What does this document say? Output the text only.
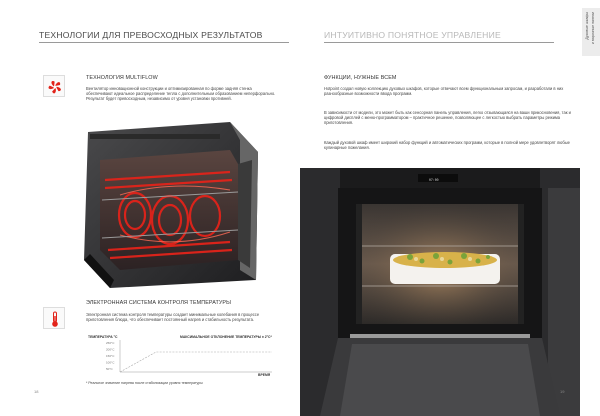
ТЕХНОЛОГИИ ДЛЯ ПРЕВОСХОДНЫХ РЕЗУЛЬТАТОВ
ТЕХНОЛОГИЯ MULTIFLOW
Вентилятор инновационной конструкции и оптимизированная по форме задняя стенка обеспечивают идеальное распределение тепла с дополнительным образованием неперфорально. Результат будет превосходным, независимо от уровня установки противней.
ЭЛЕКТРОННАЯ СИСТЕМА КОНТРОЛЯ ТЕМПЕРАТУРЫ
Электронная система контроля температуры создает минимальные колебания в процессе приготовления блюда, что обеспечивает постоянный нагрев и стабильность результата.
ТЕМПЕРАТУРА °C	МАКСИМАЛЬНОЕ ОТКЛОНЕНИЕ ТЕМПЕРАТУРЫ ± 2°C*
ВРЕМЯ
250°C
200°C
150°C
100°C
50°C
* Реальное значение нагрева после стабилизации уровня температуры
18
ИНТУИТИВНО ПОНЯТНОЕ УПРАВЛЕНИЕ	Духовые шкафы и варочные панели
ФУНКЦИИ, НУЖНЫЕ ВСЕМ
Hotpoint создал новую коллекцию духовых шкафов, которые отвечают всем функциональным запросам, и разработали в них разнообразные возможности ввода программ.
В зависимости от модели, это может быть как сенсорная панель управления, легко отзывающаяся на ваши прикосновения, так и цифровой дисплей с меню-программатором – практичное решение, позволяющее с легкостью выбрать параметры режима приготовления.
Каждый духовой шкаф имеет широкий набор функций и автоматических программ, которые в полной мере удовлетворят любые кулинарные пожелания.
07:00
19
